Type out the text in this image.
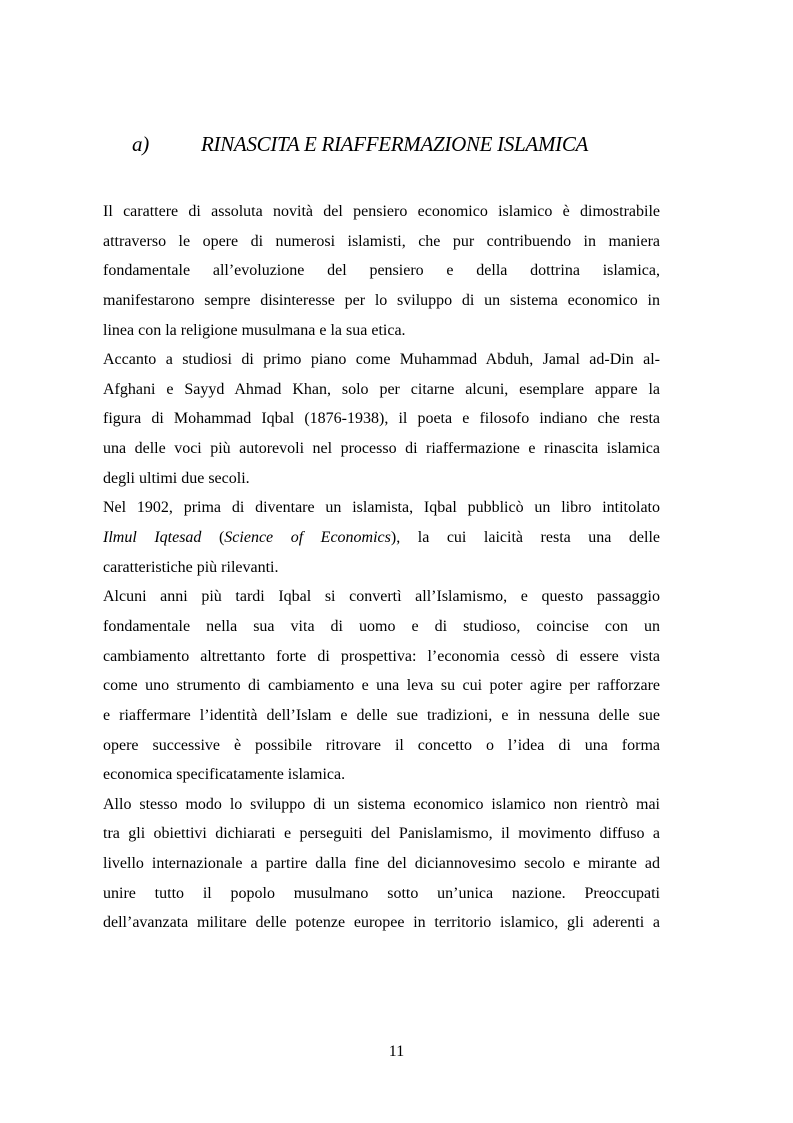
a) RINASCITA E RIAFFERMAZIONE ISLAMICA
Il carattere di assoluta novità del pensiero economico islamico è dimostrabile
attraverso le opere di numerosi islamisti, che pur contribuendo in maniera
fondamentale all’evoluzione del pensiero e della dottrina islamica,
manifestarono sempre disinteresse per lo sviluppo di un sistema economico in
linea con la religione musulmana e la sua etica.
Accanto a studiosi di primo piano come Muhammad Abduh, Jamal ad-Din al-
Afghani e Sayyd Ahmad Khan, solo per citarne alcuni, esemplare appare la
figura di Mohammad Iqbal (1876-1938), il poeta e filosofo indiano che resta
una delle voci più autorevoli nel processo di riaffermazione e rinascita islamica
degli ultimi due secoli.
Nel 1902, prima di diventare un islamista, Iqbal pubblicò un libro intitolato
Ilmul Iqtesad (Science of Economics), la cui laicità resta una delle
caratteristiche più rilevanti.
Alcuni anni più tardi Iqbal si convertì all’Islamismo, e questo passaggio
fondamentale nella sua vita di uomo e di studioso, coincise con un
cambiamento altrettanto forte di prospettiva: l’economia cessò di essere vista
come uno strumento di cambiamento e una leva su cui poter agire per rafforzare
e riaffermare l’identità dell’Islam e delle sue tradizioni, e in nessuna delle sue
opere successive è possibile ritrovare il concetto o l’idea di una forma
economica specificatamente islamica.
Allo stesso modo lo sviluppo di un sistema economico islamico non rientrò mai
tra gli obiettivi dichiarati e perseguiti del Panislamismo, il movimento diffuso a
livello internazionale a partire dalla fine del diciannovesimo secolo e mirante ad
unire tutto il popolo musulmano sotto un’unica nazione. Preoccupati
dell’avanzata militare delle potenze europee in territorio islamico, gli aderenti a
11
